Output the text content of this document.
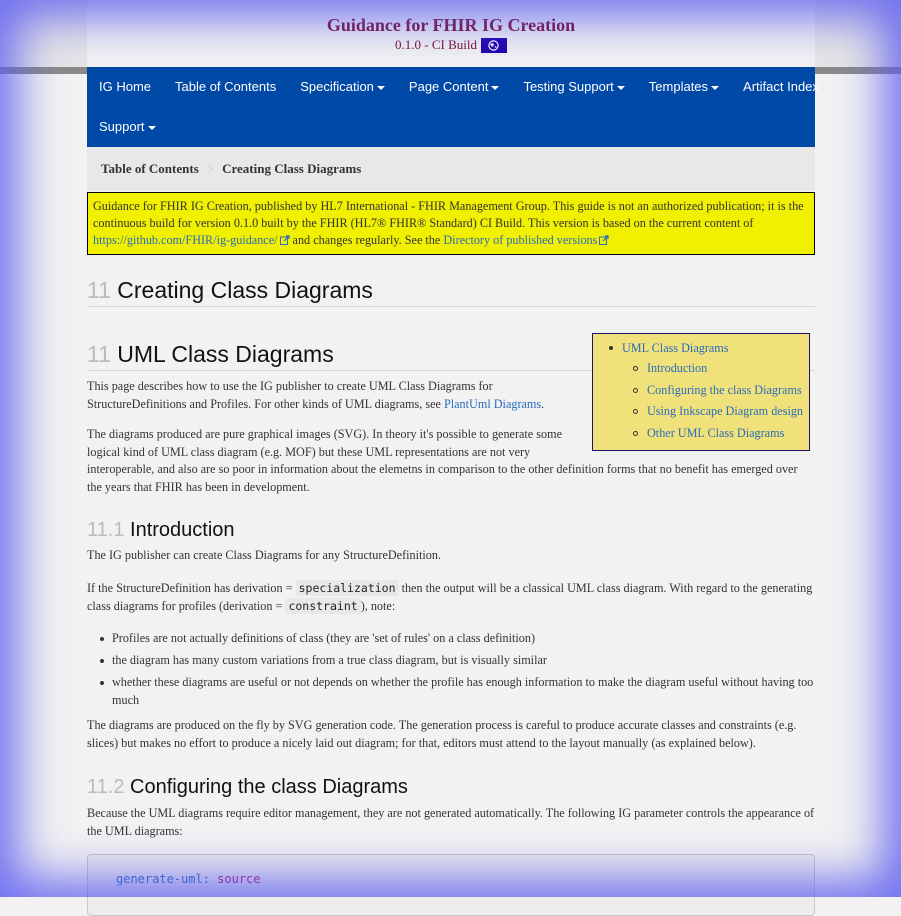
Guidance for FHIR IG Creation
0.1.0 - CI Build
IG Home	Table of Contents	Specification	Page Content	Testing Support	Templates	Artifact Index
Support
Table of Contents > Creating Class Diagrams
Guidance for FHIR IG Creation, published by HL7 International - FHIR Management Group. This guide is not an authorized publication; it is the continuous build for version 0.1.0 built by the FHIR (HL7® FHIR® Standard) CI Build. This version is based on the current content of https://github.com/FHIR/ig-guidance/ and changes regularly. See the Directory of published versions
11 Creating Class Diagrams
11 UML Class Diagrams	UML Class Diagrams
Introduction
Configuring the class Diagrams
Using Inkscape Diagram design
Other UML Class Diagrams

This page describes how to use the IG publisher to create UML Class Diagrams for StructureDefinitions and Profiles. For other kinds of UML diagrams, see PlantUml Diagrams.

The diagrams produced are pure graphical images (SVG). In theory it's possible to generate some

logical kind of UML class diagram (e.g. MOF) but these UML representations are not very

interoperable, and also are so poor in information about the elemetns in comparison to the other definition forms that no benefit has emerged over the years that FHIR has been in development.

11.1 Introduction

The IG publisher can create Class Diagrams for any StructureDefinition.

If the StructureDefinition has derivation = specialization then the output will be a classical UML class diagram. With regard to the generating class diagrams for profiles (derivation = constraint ), note:

Profiles are not actually definitions of class (they are 'set of rules' on a class definition)
the diagram has many custom variations from a true class diagram, but is visually similar
whether these diagrams are useful or not depends on whether the profile has enough information to make the diagram useful without having too much

The diagrams are produced on the fly by SVG generation code. The generation process is careful to produce accurate classes and constraints (e.g. slices) but makes no effort to produce a nicely laid out diagram; for that, editors must attend to the layout manually (as explained below).

11.2 Configuring the class Diagrams

Because the UML diagrams require editor management, they are not generated automatically. The following IG parameter controls the appearance of the UML diagrams:

generate-uml: source
